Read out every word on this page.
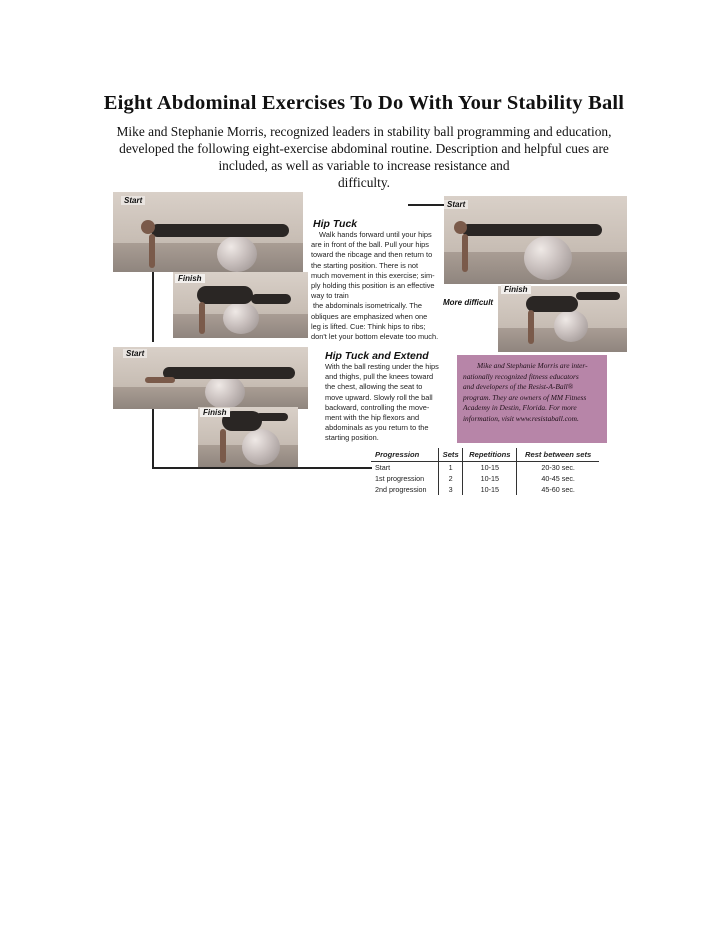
Eight Abdominal Exercises To Do With Your Stability Ball
Mike and Stephanie Morris, recognized leaders in stability ball programming and education,
developed the following eight-exercise abdominal routine. Description and helpful cues are
included, as well as variable to increase resistance and
difficulty.
Start
Finish
Hip Tuck
Walk hands forward until your hips
are in front of the ball. Pull your hips
toward the ribcage and then return to
the starting position. There is not
much movement in this exercise; sim-
ply holding this position is an effective
way to train
the abdominals isometrically. The
obliques are emphasized when one
leg is lifted. Cue: Think hips to ribs;
don't let your bottom elevate too much.
Start
Finish
More difficult
Start
Finish
Hip Tuck and Extend
With the ball resting under the hips
and thighs, pull the knees toward
the chest, allowing the seat to
move upward. Slowly roll the ball
backward, controlling the move-
ment with the hip flexors and
abdominals as you return to the
starting position.
Mike and Stephanie Morris are inter-
nationally recognized fitness educators
and developers of the Resist-A-Ball®
program. They are owners of MM Fitness
Academy in Destin, Florida. For more
information, visit www.resistaball.com.
Progression	Sets	Repetitions	Rest between sets
Start	1	10-15	20-30 sec.
1st progression	2	10-15	40-45 sec.
2nd progression	3	10-15	45-60 sec.
